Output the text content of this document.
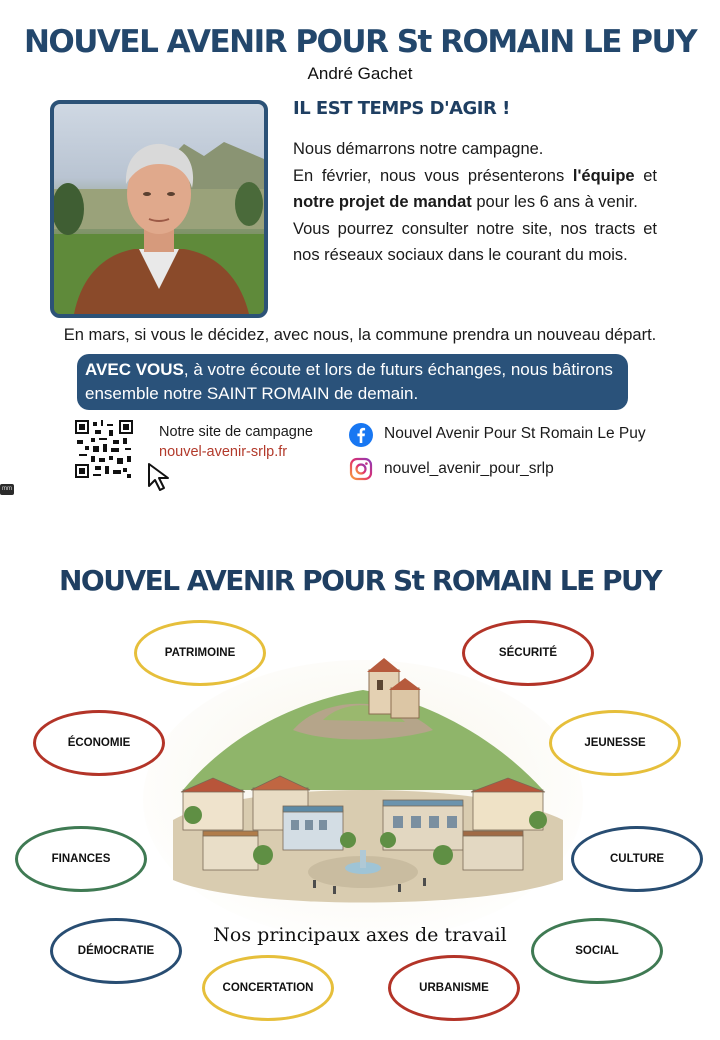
NOUVEL AVENIR POUR St ROMAIN LE PUY
André Gachet
IL EST TEMPS D'AGIR !

Nous démarrons notre campagne.

En février, nous vous présenterons l'équipe et notre projet de mandat pour les 6 ans à venir.

Vous pourrez consulter notre site, nos tracts et nos réseaux sociaux dans le courant du mois.

En mars, si vous le décidez, avec nous, la commune prendra un nouveau départ.
AVEC VOUS, à votre écoute et lors de futurs échanges, nous bâtirons ensemble notre SAINT ROMAIN de demain.
Notre site de campagne
nouvel-avenir-srlp.fr
Nouvel Avenir Pour St Romain Le Puy
nouvel_avenir_pour_srlp
mm
NOUVEL AVENIR POUR St ROMAIN LE PUY
PATRIMOINE	SÉCURITÉ
ÉCONOMIE	JEUNESSE
FINANCES	CULTURE
DÉMOCRATIE	SOCIAL
CONCERTATION	URBANISME
Nos principaux axes de travail
